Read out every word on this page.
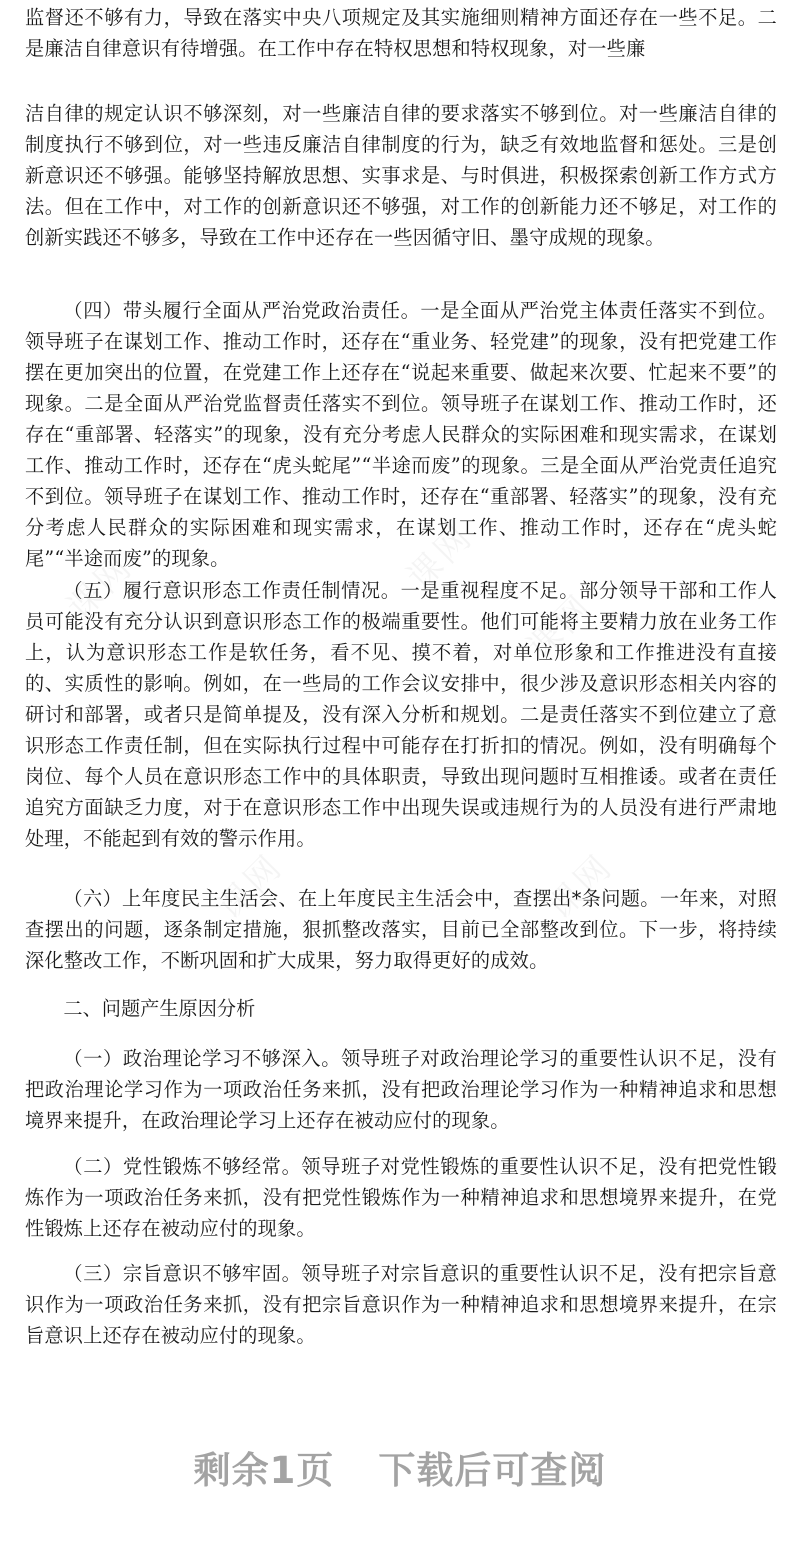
监督还不够有力，导致在落实中央八项规定及其实施细则精神方面还存在一些不足。二是廉洁自律意识有待增强。在工作中存在特权思想和特权现象，对一些廉

洁自律的规定认识不够深刻，对一些廉洁自律的要求落实不够到位。对一些廉洁自律的制度执行不够到位，对一些违反廉洁自律制度的行为，缺乏有效地监督和惩处。三是创新意识还不够强。能够坚持解放思想、实事求是、与时俱进，积极探索创新工作方式方法。但在工作中，对工作的创新意识还不够强，对工作的创新能力还不够足，对工作的创新实践还不够多，导致在工作中还存在一些因循守旧、墨守成规的现象。

（四）带头履行全面从严治党政治责任。一是全面从严治党主体责任落实不到位。领导班子在谋划工作、推动工作时，还存在“重业务、轻党建”的现象，没有把党建工作摆在更加突出的位置，在党建工作上还存在“说起来重要、做起来次要、忙起来不要”的现象。二是全面从严治党监督责任落实不到位。领导班子在谋划工作、推动工作时，还存在“重部署、轻落实”的现象，没有充分考虑人民群众的实际困难和现实需求，在谋划工作、推动工作时，还存在“虎头蛇尾”“半途而废”的现象。三是全面从严治党责任追究不到位。领导班子在谋划工作、推动工作时，还存在“重部署、轻落实”的现象，没有充分考虑人民群众的实际困难和现实需求，在谋划工作、推动工作时，还存在“虎头蛇尾”“半途而废”的现象。

（五）履行意识形态工作责任制情况。一是重视程度不足。部分领导干部和工作人员可能没有充分认识到意识形态工作的极端重要性。他们可能将主要精力放在业务工作上，认为意识形态工作是软任务，看不见、摸不着，对单位形象和工作推进没有直接的、实质性的影响。例如，在一些局的工作会议安排中，很少涉及意识形态相关内容的研讨和部署，或者只是简单提及，没有深入分析和规划。二是责任落实不到位建立了意识形态工作责任制，但在实际执行过程中可能存在打折扣的情况。例如，没有明确每个岗位、每个人员在意识形态工作中的具体职责，导致出现问题时互相推诿。或者在责任追究方面缺乏力度，对于在意识形态工作中出现失误或违规行为的人员没有进行严肃地处理，不能起到有效的警示作用。

（六）上年度民主生活会、在上年度民主生活会中，查摆出*条问题。一年来，对照查摆出的问题，逐条制定措施，狠抓整改落实，目前已全部整改到位。下一步，将持续深化整改工作，不断巩固和扩大成果，努力取得更好的成效。

二、问题产生原因分析

（一）政治理论学习不够深入。领导班子对政治理论学习的重要性认识不足，没有把政治理论学习作为一项政治任务来抓，没有把政治理论学习作为一种精神追求和思想境界来提升，在政治理论学习上还存在被动应付的现象。

（二）党性锻炼不够经常。领导班子对党性锻炼的重要性认识不足，没有把党性锻炼作为一项政治任务来抓，没有把党性锻炼作为一种精神追求和思想境界来提升，在党性锻炼上还存在被动应付的现象。

（三）宗旨意识不够牢固。领导班子对宗旨意识的重要性认识不足，没有把宗旨意识作为一项政治任务来抓，没有把宗旨意识作为一种精神追求和思想境界来提升，在宗旨意识上还存在被动应付的现象。

剩余1页 下载后可查阅
